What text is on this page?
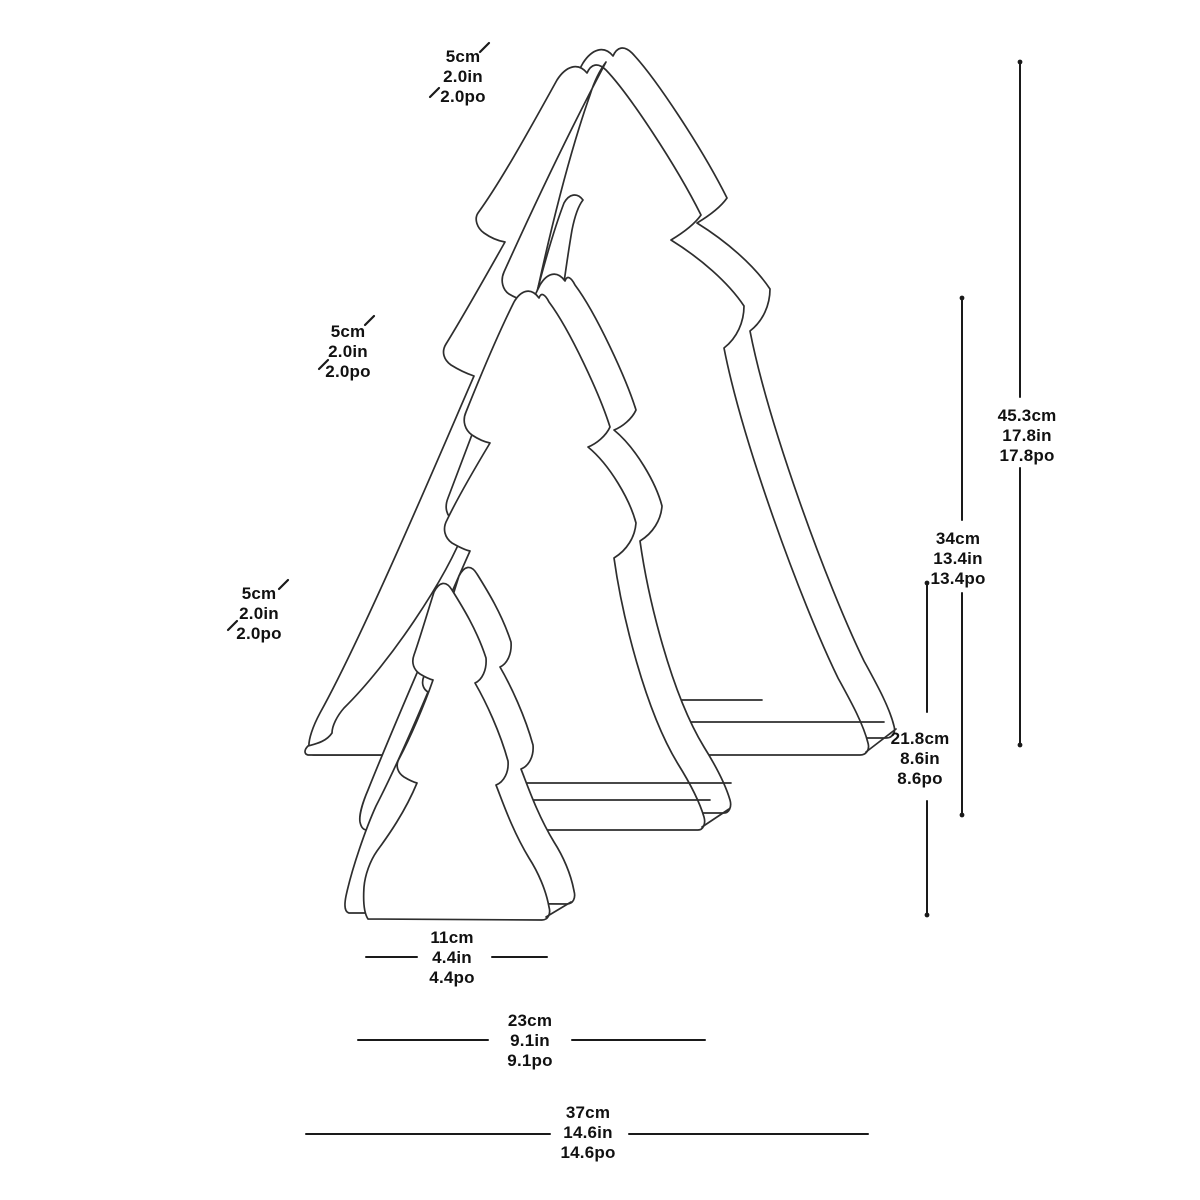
5cm
2.0in
2.0po
5cm
2.0in
2.0po
5cm
2.0in
2.0po
45.3cm
17.8in
17.8po
34cm
13.4in
13.4po
21.8cm
8.6in
8.6po
11cm
4.4in
4.4po
23cm
9.1in
9.1po
37cm
14.6in
14.6po
